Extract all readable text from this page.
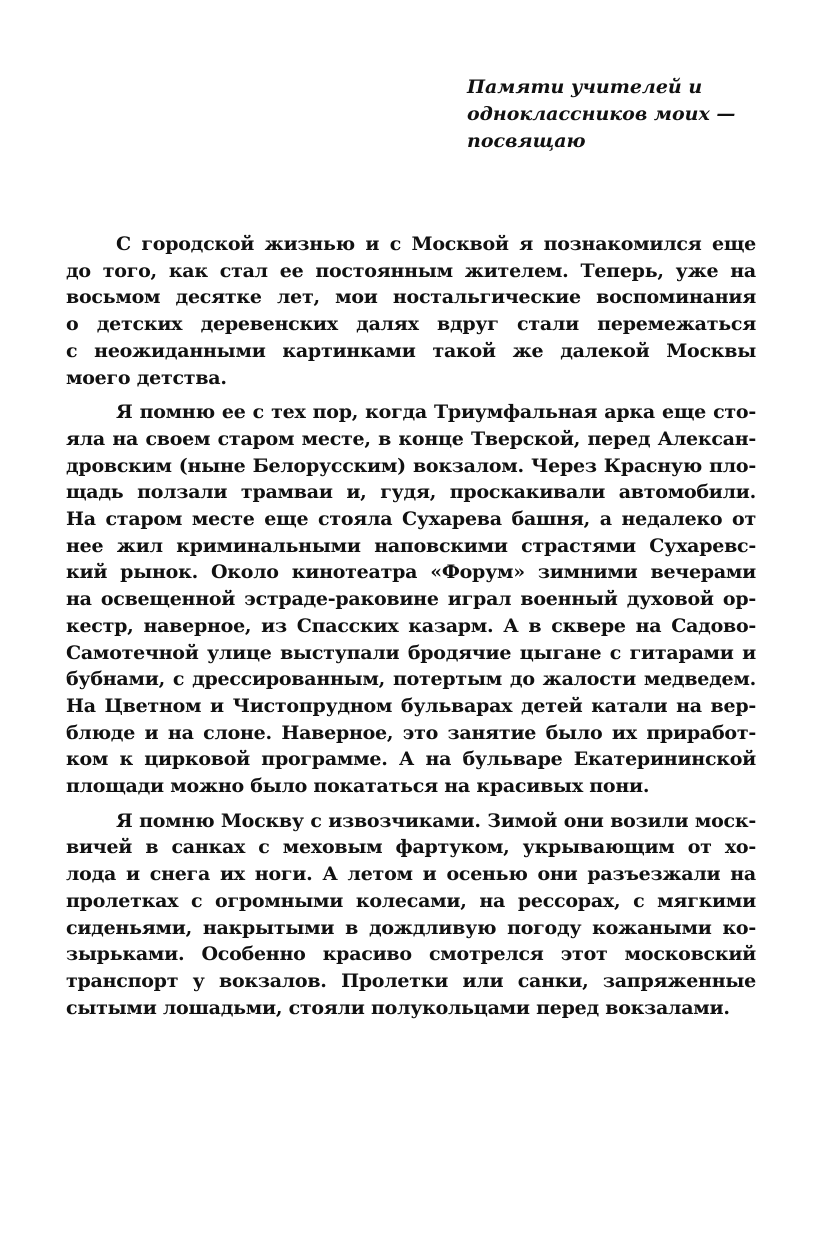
Памяти учителей и
одноклассников моих —
посвящаю
С городской жизнью и с Москвой я познакомился еще
до того, как стал ее постоянным жителем. Теперь, уже на
восьмом десятке лет, мои ностальгические воспоминания
о детских деревенских далях вдруг стали перемежаться
с неожиданными картинками такой же далекой Москвы
моего детства.
Я помню ее с тех пор, когда Триумфальная арка еще сто-
яла на своем старом месте, в конце Тверской, перед Алексан-
дровским (ныне Белорусским) вокзалом. Через Красную пло-
щадь ползали трамваи и, гудя, проскакивали автомобили.
На старом месте еще стояла Сухарева башня, а недалеко от
нее жил криминальными наповскими страстями Сухаревс-
кий рынок. Около кинотеатра «Форум» зимними вечерами
на освещенной эстраде-раковине играл военный духовой ор-
кестр, наверное, из Спасских казарм. А в сквере на Садово-
Самотечной улице выступали бродячие цыгане с гитарами и
бубнами, с дрессированным, потертым до жалости медведем.
На Цветном и Чистопрудном бульварах детей катали на вер-
блюде и на слоне. Наверное, это занятие было их приработ-
ком к цирковой программе. А на бульваре Екатерининской
площади можно было покататься на красивых пони.
Я помню Москву с извозчиками. Зимой они возили моск-
вичей в санках с меховым фартуком, укрывающим от хо-
лода и снега их ноги. А летом и осенью они разъезжали на
пролетках с огромными колесами, на рессорах, с мягкими
сиденьями, накрытыми в дождливую погоду кожаными ко-
зырьками. Особенно красиво смотрелся этот московский
транспорт у вокзалов. Пролетки или санки, запряженные
сытыми лошадьми, стояли полукольцами перед вокзалами.
